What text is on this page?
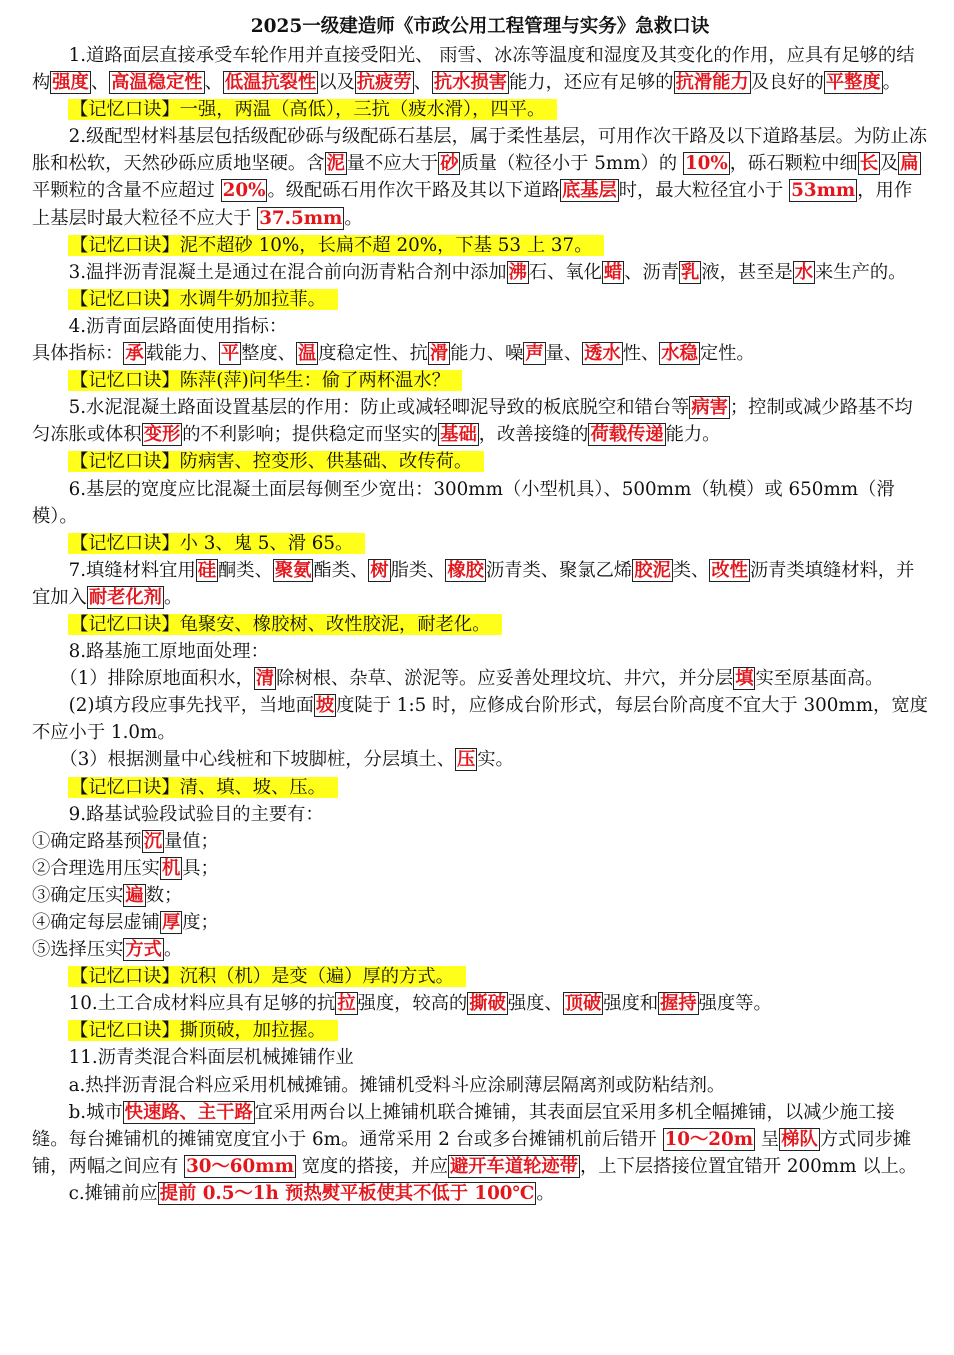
2025一级建造师《市政公用工程管理与实务》急救口诀
1.道路面层直接承受车轮作用并直接受阳光、 雨雪、冰冻等温度和湿度及其变化的作用，应具有足够的结构 强度 、 高温稳定性 、 低温抗裂性 以及 抗疲劳 、 抗水损害 能力，还应有足够的 抗滑能力 及良好的 平整度 。
【记忆口诀】一强，两温（高低），三抗（疲水滑），四平。
2.级配型材料基层包括级配砂砾与级配砾石基层，属于柔性基层，可用作次干路及以下道路基层。为防止冻胀和松软，天然砂砾应质地坚硬。含 泥 量不应大于 砂 质量（粒径小于 5mm）的 10% ，砾石颗粒中细 长 及 扁平颗粒的含量不应超过 20% 。级配砾石用作次干路及其以下道路 底基层 时，最大粒径宜小于 53mm ，用作上基层时最大粒径不应大于 37.5mm 。
【记忆口诀】泥不超砂 10%，长扁不超 20%，下基 53 上 37。
3.温拌沥青混凝土是通过在混合前向沥青粘合剂中添加 沸 石、氧化 蜡 、沥青 乳 液，甚至是 水 来生产的。
【记忆口诀】水调牛奶加拉菲。
4.沥青面层路面使用指标：
具体指标： 承 载能力、 平 整度、 温 度稳定性、抗 滑 能力、噪 声 量、 透水 性、 水稳 定性。
【记忆口诀】陈萍(萍)问华生：偷了两杯温水？
5.水泥混凝土路面设置基层的作用：防止或减轻唧泥导致的板底脱空和错台等 病害 ；控制或减少路基不均匀冻胀或体积 变形 的不利影响；提供稳定而坚实的 基础 ，改善接缝的 荷载传递 能力。
【记忆口诀】防病害、控变形、供基础、改传荷。
6.基层的宽度应比混凝土面层每侧至少宽出：300mm（小型机具）、500mm（轨模）或 650mm（滑模）。
【记忆口诀】小 3、鬼 5、滑 65。
7.填缝材料宜用 硅 酮类、 聚氨 酯类、 树 脂类、 橡胶 沥青类、聚氯乙烯 胶泥 类、 改性 沥青类填缝材料，并宜加入 耐老化剂 。
【记忆口诀】龟聚安、橡胶树、改性胶泥，耐老化。
8.路基施工原地面处理：
（1）排除原地面积水， 清 除树根、杂草、淤泥等。应妥善处理坟坑、井穴，并分层 填 实至原基面高。
(2)填方段应事先找平，当地面 坡 度陡于 1:5 时，应修成台阶形式，每层台阶高度不宜大于 300mm，宽度不应小于 1.0m。
（3）根据测量中心线桩和下坡脚桩，分层填土、 压 实。
【记忆口诀】清、填、坡、压。
9.路基试验段试验目的主要有：
①确定路基预 沉 量值；
②合理选用压实 机 具；
③确定压实 遍 数；
④确定每层虚铺 厚 度；
⑤选择压实 方式 。
【记忆口诀】沉积（机）是变（遍）厚的方式。
10.土工合成材料应具有足够的抗 拉 强度，较高的 撕破 强度、 顶破 强度和 握持 强度等。
【记忆口诀】撕顶破，加拉握。
11.沥青类混合料面层机械摊铺作业
a.热拌沥青混合料应采用机械摊铺。摊铺机受料斗应涂刷薄层隔离剂或防粘结剂。
b.城市 快速路、主干路 宜采用两台以上摊铺机联合摊铺，其表面层宜采用多机全幅摊铺，以减少施工接缝。每台摊铺机的摊铺宽度宜小于 6m。通常采用 2 台或多台摊铺机前后错开 10～20m 呈 梯队 方式同步摊铺，两幅之间应有 30～60mm 宽度的搭接，并应 避开车道轮迹带 ，上下层搭接位置宜错开 200mm 以上。
c.摊铺前应 提前 0.5～1h 预热熨平板使其不低于 100℃ 。
